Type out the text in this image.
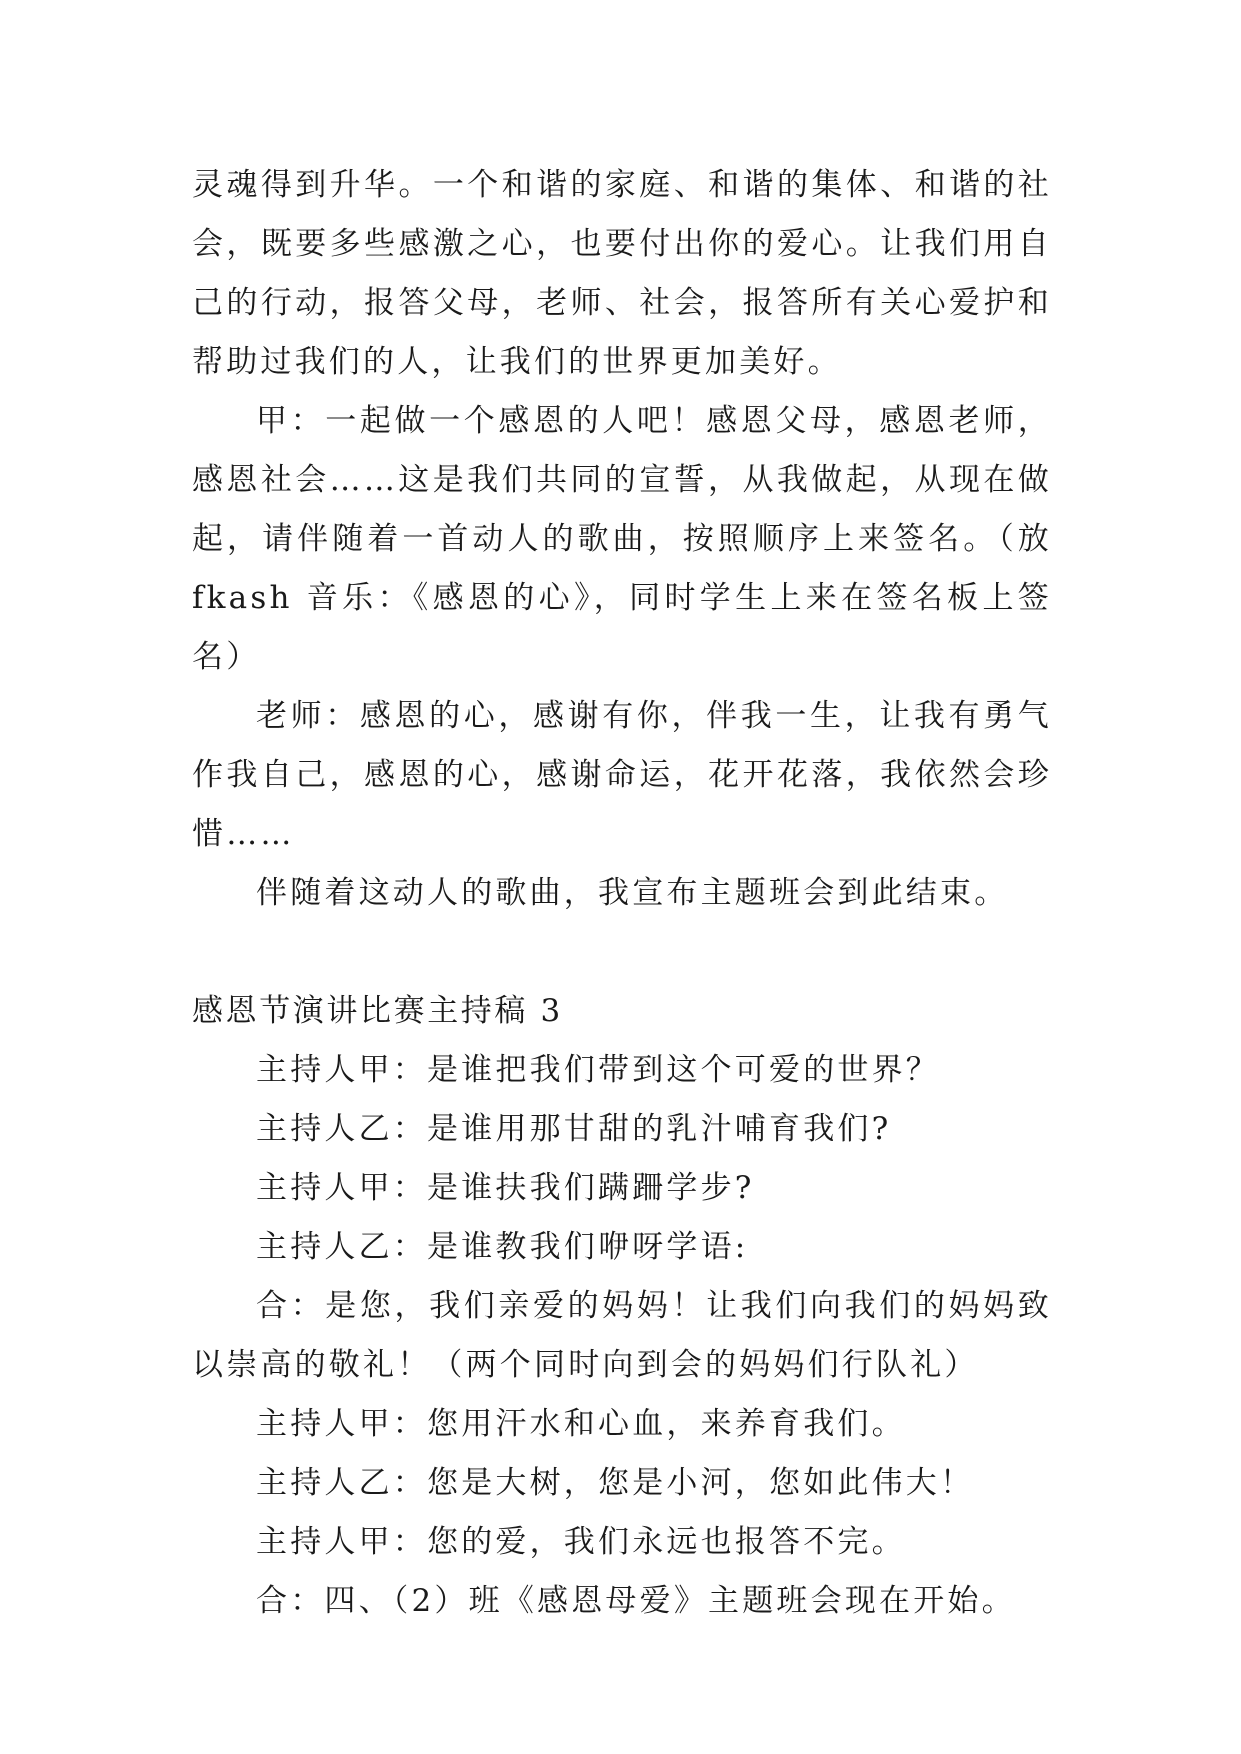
灵魂得到升华。一个和谐的家庭、和谐的集体、和谐的社会，既要多些感激之心，也要付出你的爱心。让我们用自己的行动，报答父母，老师、社会，报答所有关心爱护和帮助过我们的人，让我们的世界更加美好。

甲：一起做一个感恩的人吧！感恩父母，感恩老师，感恩社会……这是我们共同的宣誓，从我做起，从现在做起，请伴随着一首动人的歌曲，按照顺序上来签名。（放 fkash 音乐：《感恩的心》，同时学生上来在签名板上签名）

老师：感恩的心，感谢有你，伴我一生，让我有勇气作我自己，感恩的心，感谢命运，花开花落，我依然会珍惜……

伴随着这动人的歌曲，我宣布主题班会到此结束。

感恩节演讲比赛主持稿 3

主持人甲：是谁把我们带到这个可爱的世界？

主持人乙：是谁用那甘甜的乳汁哺育我们?

主持人甲：是谁扶我们蹒跚学步?

主持人乙：是谁教我们咿呀学语:

合：是您，我们亲爱的妈妈！让我们向我们的妈妈致以崇高的敬礼！（两个同时向到会的妈妈们行队礼）

主持人甲：您用汗水和心血，来养育我们。

主持人乙：您是大树，您是小河，您如此伟大！

主持人甲：您的爱，我们永远也报答不完。

合：四、（2）班《感恩母爱》主题班会现在开始。
